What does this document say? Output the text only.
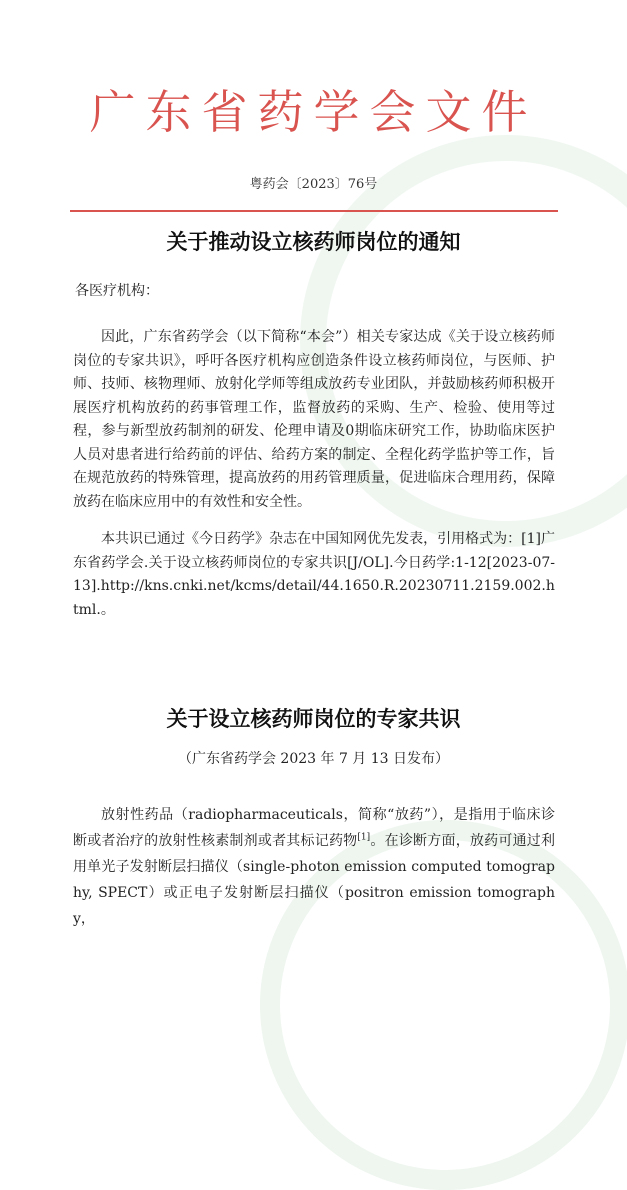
广东省药学会文件
粤药会〔2023〕76号
关于推动设立核药师岗位的通知
各医疗机构：
因此，广东省药学会（以下简称“本会”）相关专家达成《关于设立核药师岗位的专家共识》，呼吁各医疗机构应创造条件设立核药师岗位，与医师、护师、技师、核物理师、放射化学师等组成放药专业团队，并鼓励核药师积极开展医疗机构放药的药事管理工作，监督放药的采购、生产、检验、使用等过程，参与新型放药制剂的研发、伦理申请及0期临床研究工作，协助临床医护人员对患者进行给药前的评估、给药方案的制定、全程化药学监护等工作，旨在规范放药的特殊管理，提高放药的用药管理质量，促进临床合理用药，保障放药在临床应用中的有效性和安全性。
本共识已通过《今日药学》杂志在中国知网优先发表，引用格式为：[1]广东省药学会.关于设立核药师岗位的专家共识[J/OL].今日药学:1-12[2023-07-13].http://kns.cnki.net/kcms/detail/44.1650.R.20230711.2159.002.html.。
关于设立核药师岗位的专家共识
（广东省药学会 2023 年 7 月 13 日发布）
放射性药品（radiopharmaceuticals，简称“放药”），是指用于临床诊断或者治疗的放射性核素制剂或者其标记药物[1]。在诊断方面，放药可通过利用单光子发射断层扫描仪（single-photon emission computed tomography, SPECT）或正电子发射断层扫描仪（positron emission tomography，
